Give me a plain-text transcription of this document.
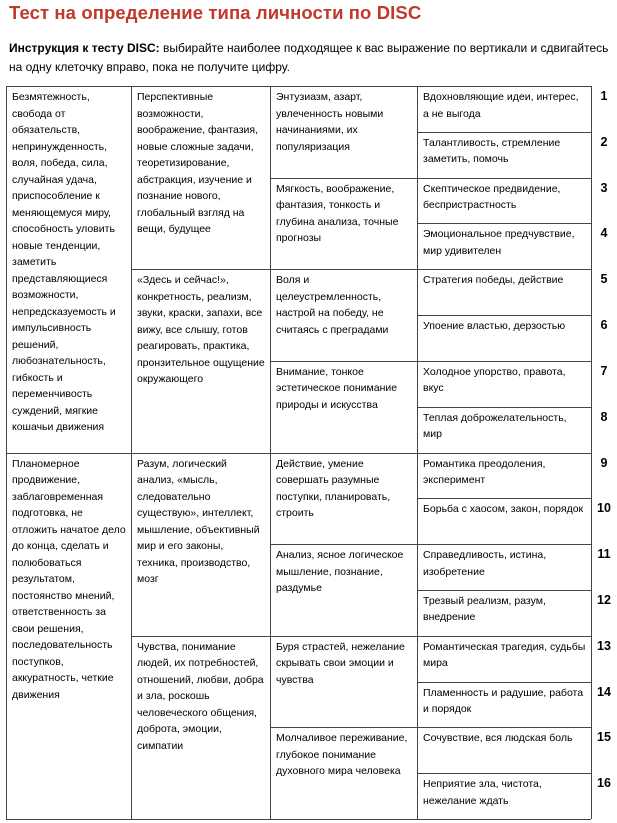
Тест на определение типа личности по DISC
Инструкция к тесту DISC: выбирайте наиболее подходящее к вас выражение по вертикали и сдвигайтесь на одну клеточку вправо, пока не получите цифру.
Безмятежность, свобода от обязательств, непринужденность, воля, победа, сила, случайная удача, приспособление к меняющемуся миру, способность уловить новые тенденции, заметить представляющиеся возможности, непредсказуемость и импульсивность решений, любознательность, гибкость и переменчивость суждений, мягкие кошачьи движения
Планомерное продвижение, заблаговременная подготовка, не отложить начатое дело до конца, сделать и полюбоваться результатом, постоянство мнений, ответственность за свои решения, последовательность поступков, аккуратность, четкие движения
Перспективные возможности, воображение, фантазия, новые сложные задачи, теоретизирование, абстракция, изучение и познание нового, глобальный взгляд на вещи, будущее
«Здесь и сейчас!», конкретность, реализм, звуки, краски, запахи, все вижу, все слышу, готов реагировать, практика, пронзительное ощущение окружающего
Разум, логический анализ, «мысль, следовательно существую», интеллект, мышление, объективный мир и его законы, техника, производство, мозг
Чувства, понимание людей, их потребностей, отношений, любви, добра и зла, роскошь человеческого общения, доброта, эмоции, симпатии
Энтузиазм, азарт, увлеченность новыми начинаниями, их популяризация
Мягкость, воображение, фантазия, тонкость и глубина анализа, точные прогнозы
Воля и целеустремленность, настрой на победу, не считаясь с преградами
Внимание, тонкое эстетическое понимание природы и искусства
Действие, умение совершать разумные поступки, планировать, строить
Анализ, ясное логическое мышление, познание, раздумье
Буря страстей, нежелание скрывать свои эмоции и чувства
Молчаливое переживание, глубокое понимание духовного мира человека
Вдохновляющие идеи, интерес, а не выгода
Талантливость, стремление заметить, помочь
Скептическое предвидение, беспристрастность
Эмоциональное предчувствие, мир удивителен
Стратегия победы, действие
Упоение властью, дерзостью
Холодное упорство, правота, вкус
Теплая доброжелательность, мир
Романтика преодоления, эксперимент
Борьба с хаосом, закон, порядок
Справедливость, истина, изобретение
Трезвый реализм, разум, внедрение
Романтическая трагедия, судьбы мира
Пламенность и радушие, работа и порядок
Сочувствие, вся людская боль
Неприятие зла, чистота, нежелание ждать
1
2
3
4
5
6
7
8
9
10
11
12
13
14
15
16
